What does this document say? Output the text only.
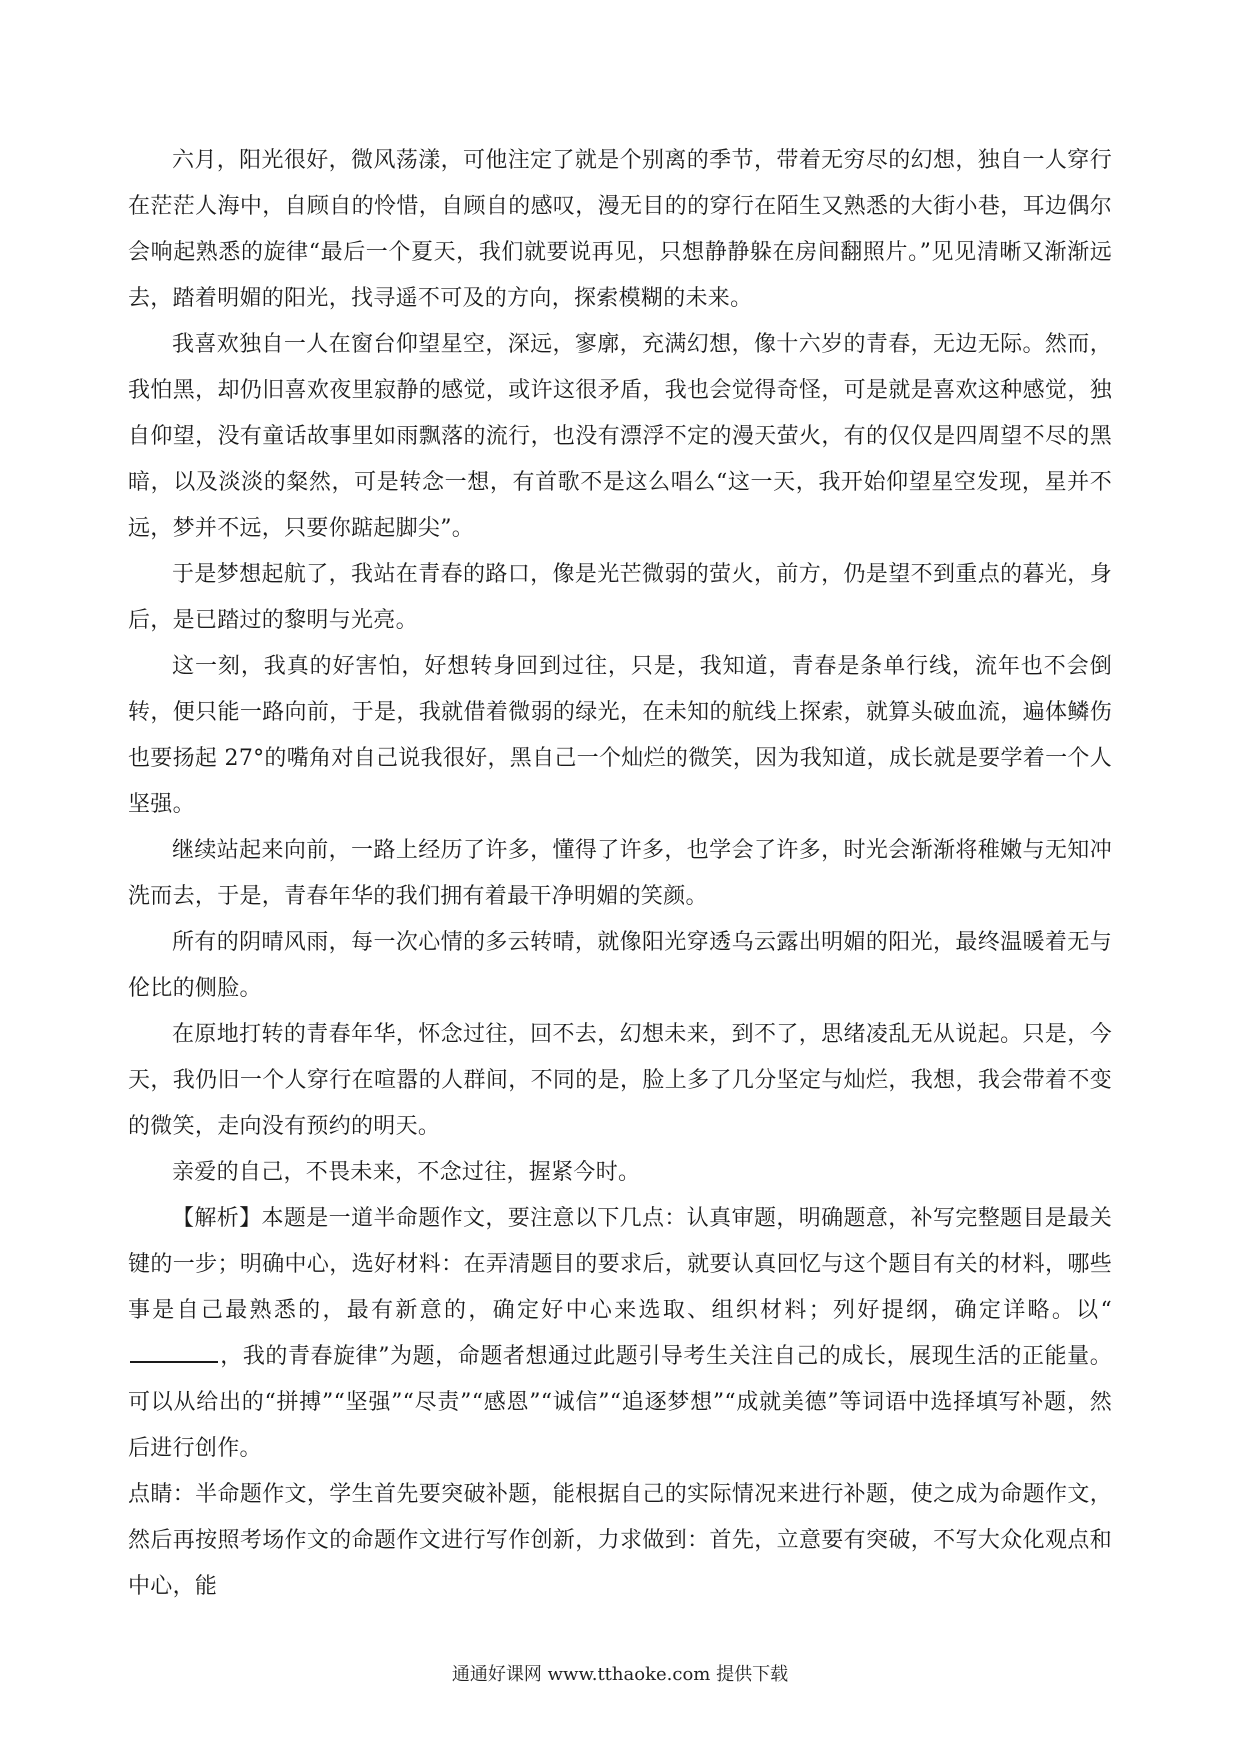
六月，阳光很好，微风荡漾，可他注定了就是个别离的季节，带着无穷尽的幻想，独自一人穿行在茫茫人海中，自顾自的怜惜，自顾自的感叹，漫无目的的穿行在陌生又熟悉的大街小巷，耳边偶尔会响起熟悉的旋律“最后一个夏天，我们就要说再见，只想静静躲在房间翻照片。”见见清晰又渐渐远去，踏着明媚的阳光，找寻遥不可及的方向，探索模糊的未来。

我喜欢独自一人在窗台仰望星空，深远，寥廓，充满幻想，像十六岁的青春，无边无际。然而，我怕黑，却仍旧喜欢夜里寂静的感觉，或许这很矛盾，我也会觉得奇怪，可是就是喜欢这种感觉，独自仰望，没有童话故事里如雨飘落的流行，也没有漂浮不定的漫天萤火，有的仅仅是四周望不尽的黑暗，以及淡淡的粲然，可是转念一想，有首歌不是这么唱么“这一天，我开始仰望星空发现，星并不远，梦并不远，只要你踮起脚尖”。

于是梦想起航了，我站在青春的路口，像是光芒微弱的萤火，前方，仍是望不到重点的暮光，身后，是已踏过的黎明与光亮。

这一刻，我真的好害怕，好想转身回到过往，只是，我知道，青春是条单行线，流年也不会倒转，便只能一路向前，于是，我就借着微弱的绿光，在未知的航线上探索，就算头破血流，遍体鳞伤也要扬起 27°的嘴角对自己说我很好，黑自己一个灿烂的微笑，因为我知道，成长就是要学着一个人坚强。

继续站起来向前，一路上经历了许多，懂得了许多，也学会了许多，时光会渐渐将稚嫩与无知冲洗而去，于是，青春年华的我们拥有着最干净明媚的笑颜。

所有的阴晴风雨，每一次心情的多云转晴，就像阳光穿透乌云露出明媚的阳光，最终温暖着无与伦比的侧脸。

在原地打转的青春年华，怀念过往，回不去，幻想未来，到不了，思绪凌乱无从说起。只是，今天，我仍旧一个人穿行在喧嚣的人群间，不同的是，脸上多了几分坚定与灿烂，我想，我会带着不变的微笑，走向没有预约的明天。

亲爱的自己，不畏未来，不念过往，握紧今时。

【解析】本题是一道半命题作文，要注意以下几点：认真审题，明确题意，补写完整题目是最关键的一步；明确中心，选好材料：在弄清题目的要求后，就要认真回忆与这个题目有关的材料，哪些事是自己最熟悉的，最有新意的，确定好中心来选取、组织材料；列好提纲，确定详略。以“，我的青春旋律”为题，命题者想通过此题引导考生关注自己的成长，展现生活的正能量。可以从给出的“拼搏”“坚强”“尽责”“感恩”“诚信”“追逐梦想”“成就美德”等词语中选择填写补题，然后进行创作。

点睛：半命题作文，学生首先要突破补题，能根据自己的实际情况来进行补题，使之成为命题作文，然后再按照考场作文的命题作文进行写作创新，力求做到：首先，立意要有突破，不写大众化观点和中心，能

通通好课网 www.tthaoke.com 提供下载
